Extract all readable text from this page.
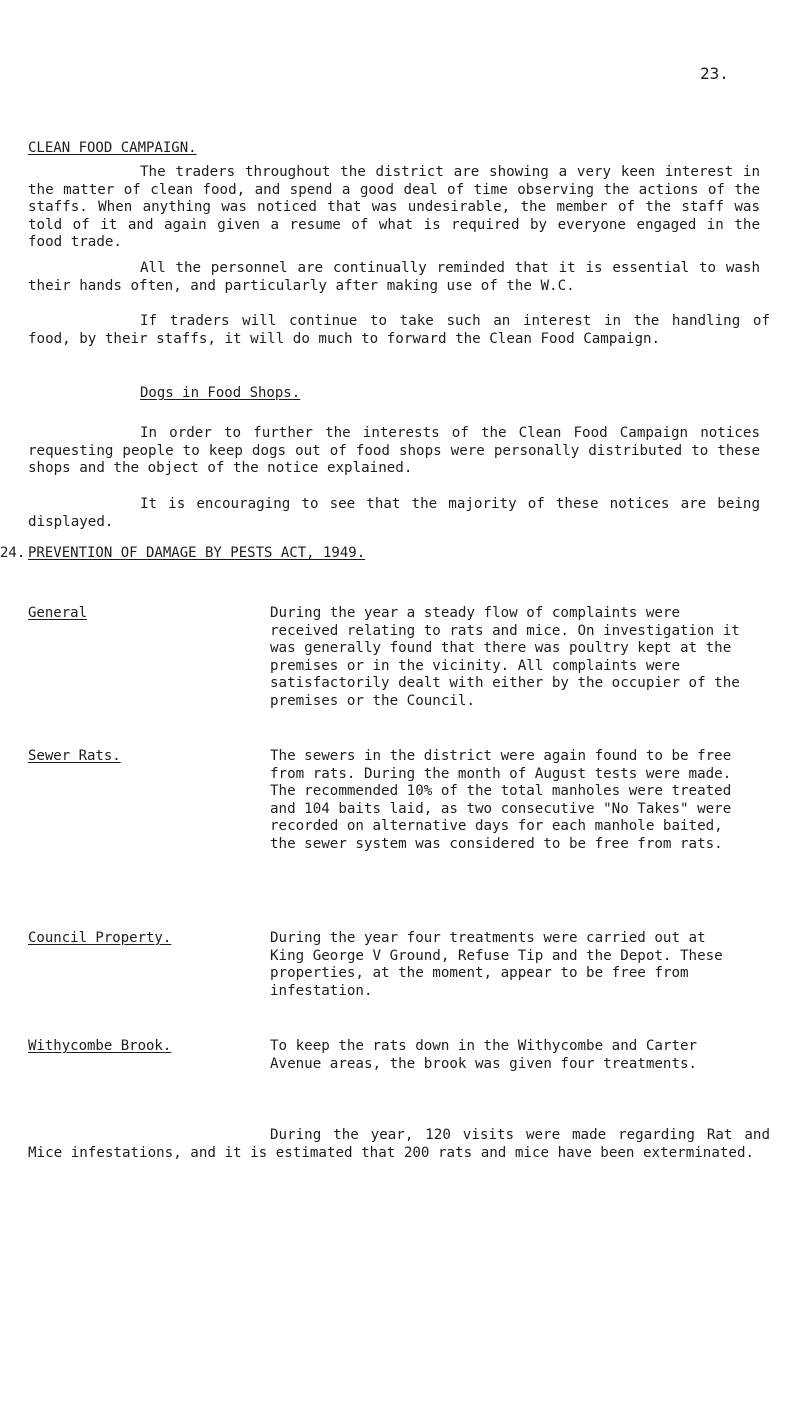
23.
CLEAN FOOD CAMPAIGN.
The traders throughout the district are showing a very keen interest in the matter of clean food, and spend a good deal of time observing the actions of the staffs. When anything was noticed that was undesirable, the member of the staff was told of it and again given a resume of what is required by everyone engaged in the food trade.
All the personnel are continually reminded that it is essential to wash their hands often, and particularly after making use of the W.C.
If traders will continue to take such an interest in the handling of food, by their staffs, it will do much to forward the Clean Food Campaign.
Dogs in Food Shops.
In order to further the interests of the Clean Food Campaign notices requesting people to keep dogs out of food shops were personally distributed to these shops and the object of the notice explained.
It is encouraging to see that the majority of these notices are being displayed.
24. PREVENTION OF DAMAGE BY PESTS ACT, 1949.
General	During the year a steady flow of complaints were received relating to rats and mice. On investigation it was generally found that there was poultry kept at the premises or in the vicinity. All complaints were satisfactorily dealt with either by the occupier of the premises or the Council.
Sewer Rats.	The sewers in the district were again found to be free from rats. During the month of August tests were made. The recommended 10% of the total manholes were treated and 104 baits laid, as two consecutive "No Takes" were recorded on alternative days for each manhole baited, the sewer system was considered to be free from rats.
Council Property.	During the year four treatments were carried out at King George V Ground, Refuse Tip and the Depot. These properties, at the moment, appear to be free from infestation.
Withycombe Brook.	To keep the rats down in the Withycombe and Carter Avenue areas, the brook was given four treatments.
During the year, 120 visits were made regarding Rat and Mice infestations, and it is estimated that 200 rats and mice have been exterminated.
